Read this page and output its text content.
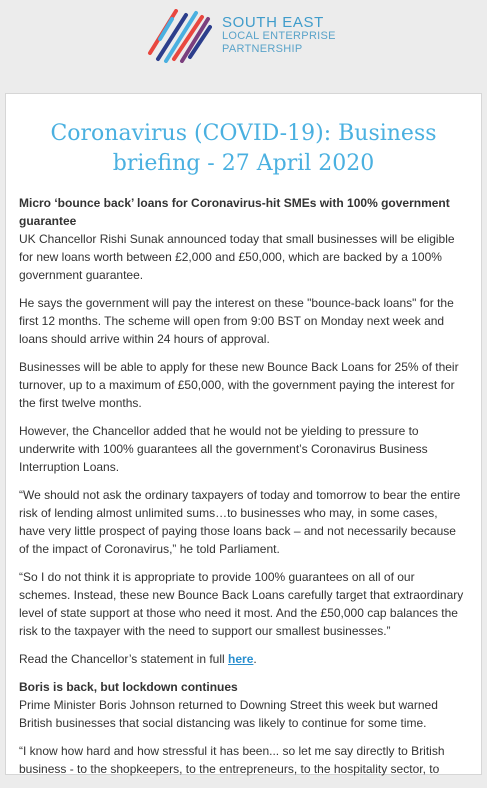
SOUTH EAST
LOCAL ENTERPRISE
PARTNERSHIP
Coronavirus (COVID-19): Business briefing - 27 April 2020

Micro ‘bounce back’ loans for Coronavirus-hit SMEs with 100% government guarantee

UK Chancellor Rishi Sunak announced today that small businesses will be eligible for new loans worth between £2,000 and £50,000, which are backed by a 100% government guarantee.

He says the government will pay the interest on these "bounce-back loans" for the first 12 months. The scheme will open from 9:00 BST on Monday next week and loans should arrive within 24 hours of approval.

Businesses will be able to apply for these new Bounce Back Loans for 25% of their turnover, up to a maximum of £50,000, with the government paying the interest for the first twelve months.

However, the Chancellor added that he would not be yielding to pressure to underwrite with 100% guarantees all the government’s Coronavirus Business Interruption Loans.

“We should not ask the ordinary taxpayers of today and tomorrow to bear the entire risk of lending almost unlimited sums…to businesses who may, in some cases, have very little prospect of paying those loans back – and not necessarily because of the impact of Coronavirus,” he told Parliament.

“So I do not think it is appropriate to provide 100% guarantees on all of our schemes. Instead, these new Bounce Back Loans carefully target that extraordinary level of state support at those who need it most. And the £50,000 cap balances the risk to the taxpayer with the need to support our smallest businesses.”

Read the Chancellor’s statement in full here.

Boris is back, but lockdown continues

Prime Minister Boris Johnson returned to Downing Street this week but warned British businesses that social distancing was likely to continue for some time.

“I know how hard and how stressful it has been... so let me say directly to British business - to the shopkeepers, to the entrepreneurs, to the hospitality sector, to
